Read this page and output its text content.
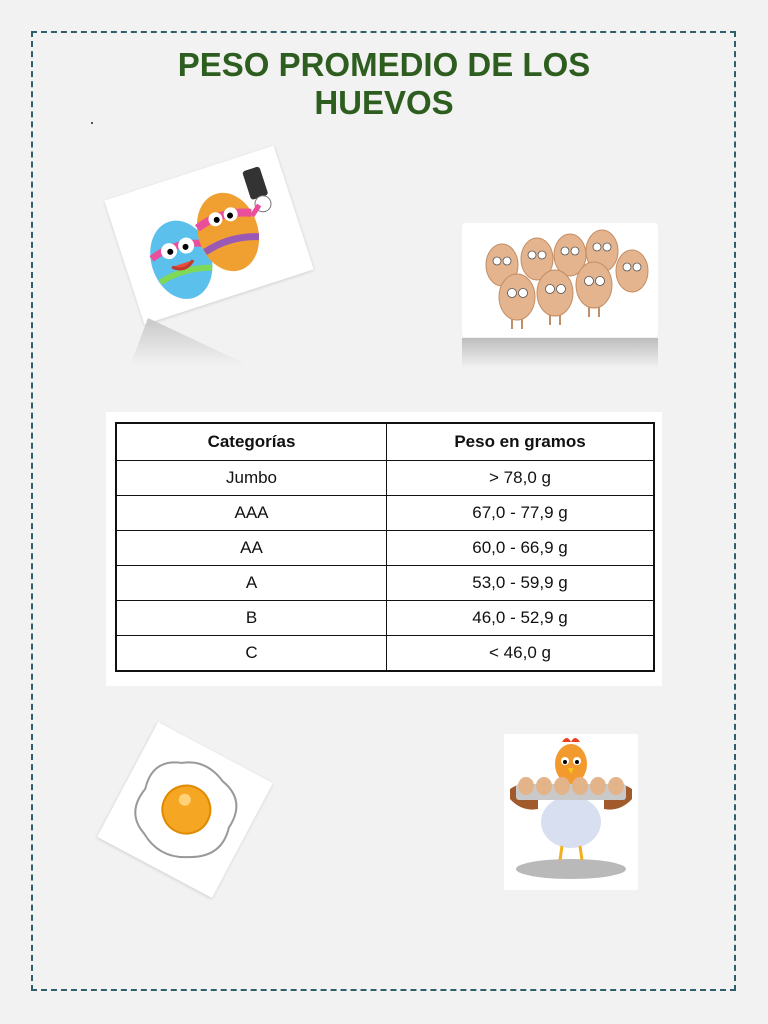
PESO PROMEDIO DE LOS
HUEVOS
Categorías	Peso en gramos
Jumbo	> 78,0 g
AAA	67,0 - 77,9 g
AA	60,0 - 66,9 g
A	53,0 - 59,9 g
B	46,0 - 52,9 g
C	< 46,0 g
